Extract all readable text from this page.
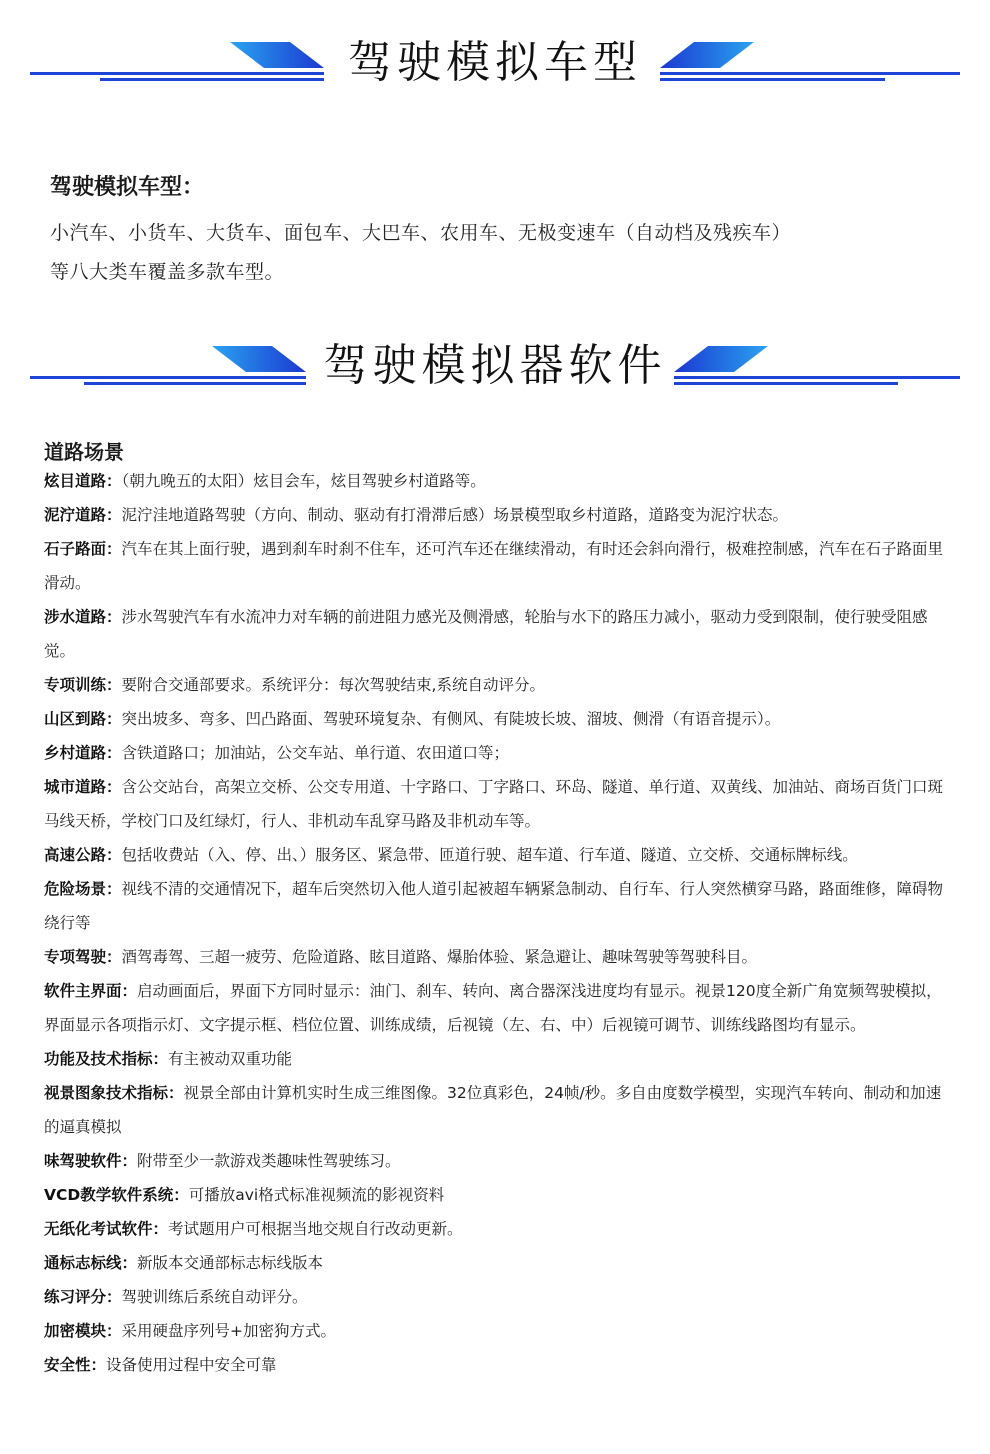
驾驶模拟车型
驾驶模拟车型：

小汽车、小货车、大货车、面包车、大巴车、农用车、无极变速车（自动档及残疾车）

等八大类车覆盖多款车型。

驾驶模拟器软件
道路场景

炫目道路：（朝九晚五的太阳）炫目会车，炫目驾驶乡村道路等。

泥泞道路：泥泞洼地道路驾驶（方向、制动、驱动有打滑滞后感）场景模型取乡村道路，道路变为泥泞状态。

石子路面：汽车在其上面行驶，遇到刹车时刹不住车，还可汽车还在继续滑动，有时还会斜向滑行，极难控制感，汽车在石子路面里滑动。

涉水道路：涉水驾驶汽车有水流冲力对车辆的前进阻力感光及侧滑感，轮胎与水下的路压力减小，驱动力受到限制，使行驶受阻感觉。

专项训练：要附合交通部要求。系统评分：每次驾驶结束,系统自动评分。

山区到路：突出坡多、弯多、凹凸路面、驾驶环境复杂、有侧风、有陡坡长坡、溜坡、侧滑（有语音提示）。

乡村道路：含铁道路口；加油站，公交车站、单行道、农田道口等；

城市道路：含公交站台，高架立交桥、公交专用道、十字路口、丁字路口、环岛、隧道、单行道、双黄线、加油站、商场百货门口斑马线天桥，学校门口及红绿灯，行人、非机动车乱穿马路及非机动车等。

高速公路：包括收费站（入、停、出、）服务区、紧急带、匝道行驶、超车道、行车道、隧道、立交桥、交通标牌标线。

危险场景：视线不清的交通情况下，超车后突然切入他人道引起被超车辆紧急制动、自行车、行人突然横穿马路，路面维修，障碍物绕行等

专项驾驶：酒驾毒驾、三超一疲劳、危险道路、眩目道路、爆胎体验、紧急避让、趣味驾驶等驾驶科目。

软件主界面：启动画面后，界面下方同时显示：油门、刹车、转向、离合器深浅进度均有显示。视景120度全新广角宽频驾驶模拟，界面显示各项指示灯、文字提示框、档位位置、训练成绩，后视镜（左、右、中）后视镜可调节、训练线路图均有显示。

功能及技术指标：有主被动双重功能

视景图象技术指标：视景全部由计算机实时生成三维图像。32位真彩色，24帧/秒。多自由度数学模型，实现汽车转向、制动和加速的逼真模拟

味驾驶软件：附带至少一款游戏类趣味性驾驶练习。

VCD教学软件系统：可播放avi格式标准视频流的影视资料

无纸化考试软件：考试题用户可根据当地交规自行改动更新。

通标志标线：新版本交通部标志标线版本

练习评分：驾驶训练后系统自动评分。

加密模块：采用硬盘序列号+加密狗方式。

安全性：设备使用过程中安全可靠
